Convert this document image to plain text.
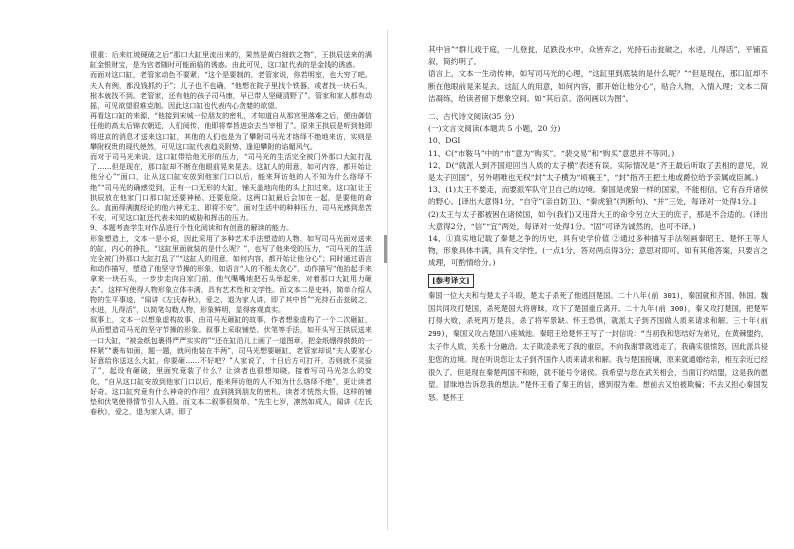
很重：后来红坡硬破之后“那口大缸里流出来的，果然是黄白细软之物”，王拱辰送来的满缸金银财宝，是为官者随时可能面临的诱惑。由此可见，这口缸代表的是金钱的诱惑。

而面对这口缸，老管家动色不要紧，“这个是要制的，老管家说，你若明室，也大穷了吧。夫人有例，都没钱抓约于”；儿子也不也确，“他想在院子里找个铁器，或者找一块石头，根本就找不到。老管家，还有他的孩子司马康，早已带人坚硬清野了”。管家和家人都有动摇，可见欲望很难克制。因此这口缸也代表内心贪婪的欲望。

再看这口缸的来源，“他接到宋城一位朋友的密札，才知道自从那宫里落难之后，便由御信任他的高太后锦衣朝廷，人们阅传，他即将奉旨进京去当宰相了”。原来王拱辰是听到他即将进京的消息才送来这口缸，其他的人们也是为了攀附司马光才络绎不绝地来访，实则是攀附权贵的现代使然，可见这口缸代表趋炎附势、逢迎攀附的谄媚风气。

而对于司马光来说，这口缸带给他无形的压力，“司马光的生活完全被门外那口大缸打乱了……但是现在，那口缸却不断在他眼前晃来晃去。这缸人的用意，如可内容，都开始让他分心”“面口，让从这口缸安放到他家门口以后，能来拜访他的人不知为什么络绎不绝”“司马光的确感觉到，正有一口无形的大缸，铺天盖地向他的头上扣过来。这口缸让王拱辰放在他家门口那口缸还要神秘、还要危险。这两口缸最后会加在一起，是要他的命么。直面得满腹经论的他六神无主、即将不安”。面对生活中的种种压力，司马光感到悲苦不安，可见这口缸还代表未知的威胁和挥击的压力。

9、本题考查学生对作品进行个性化阅读和有创意的解读的能力。

形象塑造上，文本一是小说，因此采用了多种艺术手法塑造的人物，如写司马光面对送来的缸，内心的挣扎，“这缸里面就装的是什么呢？”，也写了他来受的压力，“司马光的生活完全被门外那口大缸打乱了”“这缸人的用意，如何内容，都开始让他分心”；同时通过语言和动作描写，塑造了他坚守节操的形象，如语言“人的不能太贪心”，动作描写“他抬起手来拿来一块石头，一步步走向自家门前，他气嘴嘴地把石头举起来，对着那口大缸用力砸去”。这样写使得人物形象立体丰满，具有艺术性和文学性。而文本二是史料，简单介绍人物的生平事迹，“闻讲《左氏春秋》，爱之，退为家人讲，即了其中旨”“光持石击瓮破之，水迸，儿得活”，以简笔勾勒人物，形象鲜明，显得客观真实。

叙事上，文本一以想象虚构故事，由司马光砸缸的故事，作者想象虚构了一个二次砸缸，从而塑造司马光的坚守节操的形象。叙事上采取铺垫、伏笔等手法，如开头写王拱辰送来一口大缸，“被金纸包裹得严严实实的”“还在缸沿儿上画了一道图章，把金纸绷得鼓鼓的一样紧”“裹布如面，题一题，就问他装在半两”，司马光想要砸缸，老管家却说“夫人要家心好意给你送这么大缸，你要砸……不好吧？”人家说了，十日后方可打开，否则就不灵验了”，起设有砸破，里面究竟装了什么？让读者也很想知晓。接着写司马光怎么的变化，“自从这口缸安放到他家门口以后，能来拜访他的人不知为什么络绎不绝”，更让读者好奇。这口缸究竟有什么神奇的作用？直到挑到朋友的密札，读者才恍然大悟，这样的铺垫和伏笔使得情节引人入胜。而文本二叙事很简单，“先生七岁，凛然如成人，闻讲《左氏春秋》，爱之，退为家人讲，即了

其中旨”“群儿戏于庭，一儿登瓮，足跌没水中，众皆弃之，光持石击瓮破之，水迸，儿得活”，平铺直叙，简约明了。

语言上，文本一生动传神，如写司马光的心理，“这缸里到底装的是什么呢？”“但是现在，那口缸却不断在他眼前晃来晃去。这缸人的用意，如何内容，都开始让他分心”，贴合人物，入情入理；文本二简洁凝练，给读者留下想象空间。如“其后京、洛间画以为图”。

二、古代诗文阅读(35 分)

(一)文言文阅读(本题共 5 小题，20 分)

10、DGI

11、C(“市鞍马”中的“市”意为“购买”。“裴交易”和“购买”意思并不等同。)

12、D(“就派人到齐国迎回当人质的太子横”表述有误。实际情况是“齐王最后听取了丢相的意见，说是太子回国”，另外唱唯也无权“封”太子横为“顷襄王”，“封”指齐王把土地或爵位给予亲属或臣属。)

13、(1)太王不要走，而要派军队守卫自己的边境。秦国是虎狼一样的国家，不能相信，它有吞并诸侯的野心。[译出大意得1分，“自守”(亲自防卫)、“秦虎狼”(判断句)、“并”三处，每译对一处得1分。]

(2)太王与太子都被困在诸侯国，如今(我们)又违背大王的命令另立大王的庶子，那是不合适的。(译出大意得2分，“信”“宜”两处，每译对一处得1分。“固”可译为诚然的，也可不译。)

14、①真实地记载了秦楚之争的历史，具有史学价值 ②通过多种描写手法刻画秦昭王、楚怀王等人物，形象具体丰满，具有文学性。(一点1分，答对两点得3分；意思对即可。如有其他答案，只要言之成理，可酌情给分。)

[参考译文]

秦国一位大夫和与楚太子斗殴，楚太子杀死了他逃回楚国。二十八年(前 301)，秦国就和齐国、韩国、魏国共同攻打楚国，杀死楚国大将唐昧，攻下了楚国重丘离开。二十九年(前 300)，秦又攻打楚国，把楚军打得大败，杀死两万楚兵，杀了将军景缺。怀王恐惧，就派太子到齐国做人质来请求和解。三十年(前 299)，秦国又攻占楚国八座城池。秦昭王给楚怀王写了一封信说：“当初我和您结好为弟兄，在黄棘盟约，太子作人质，关系十分融洽。太子欺凌杀死了我的重臣，不向我谢罪就逃走了，我确实很愤怒，因此派兵侵犯您的边境。现在听说您让太子到齐国作人质来请求和解。我与楚国接壤，原来就通婚结亲，相互亲近已经很久了。但是现在秦楚两国不和睦，就不能号令诸侯。我希望与您在武关相会，当面订约结盟，这是我的愿望。冒昧地告诉您我的想法。”楚怀王看了秦王的信，感到很为难。想前去又怕被欺骗；不去又担心秦国发怒。楚怀王
